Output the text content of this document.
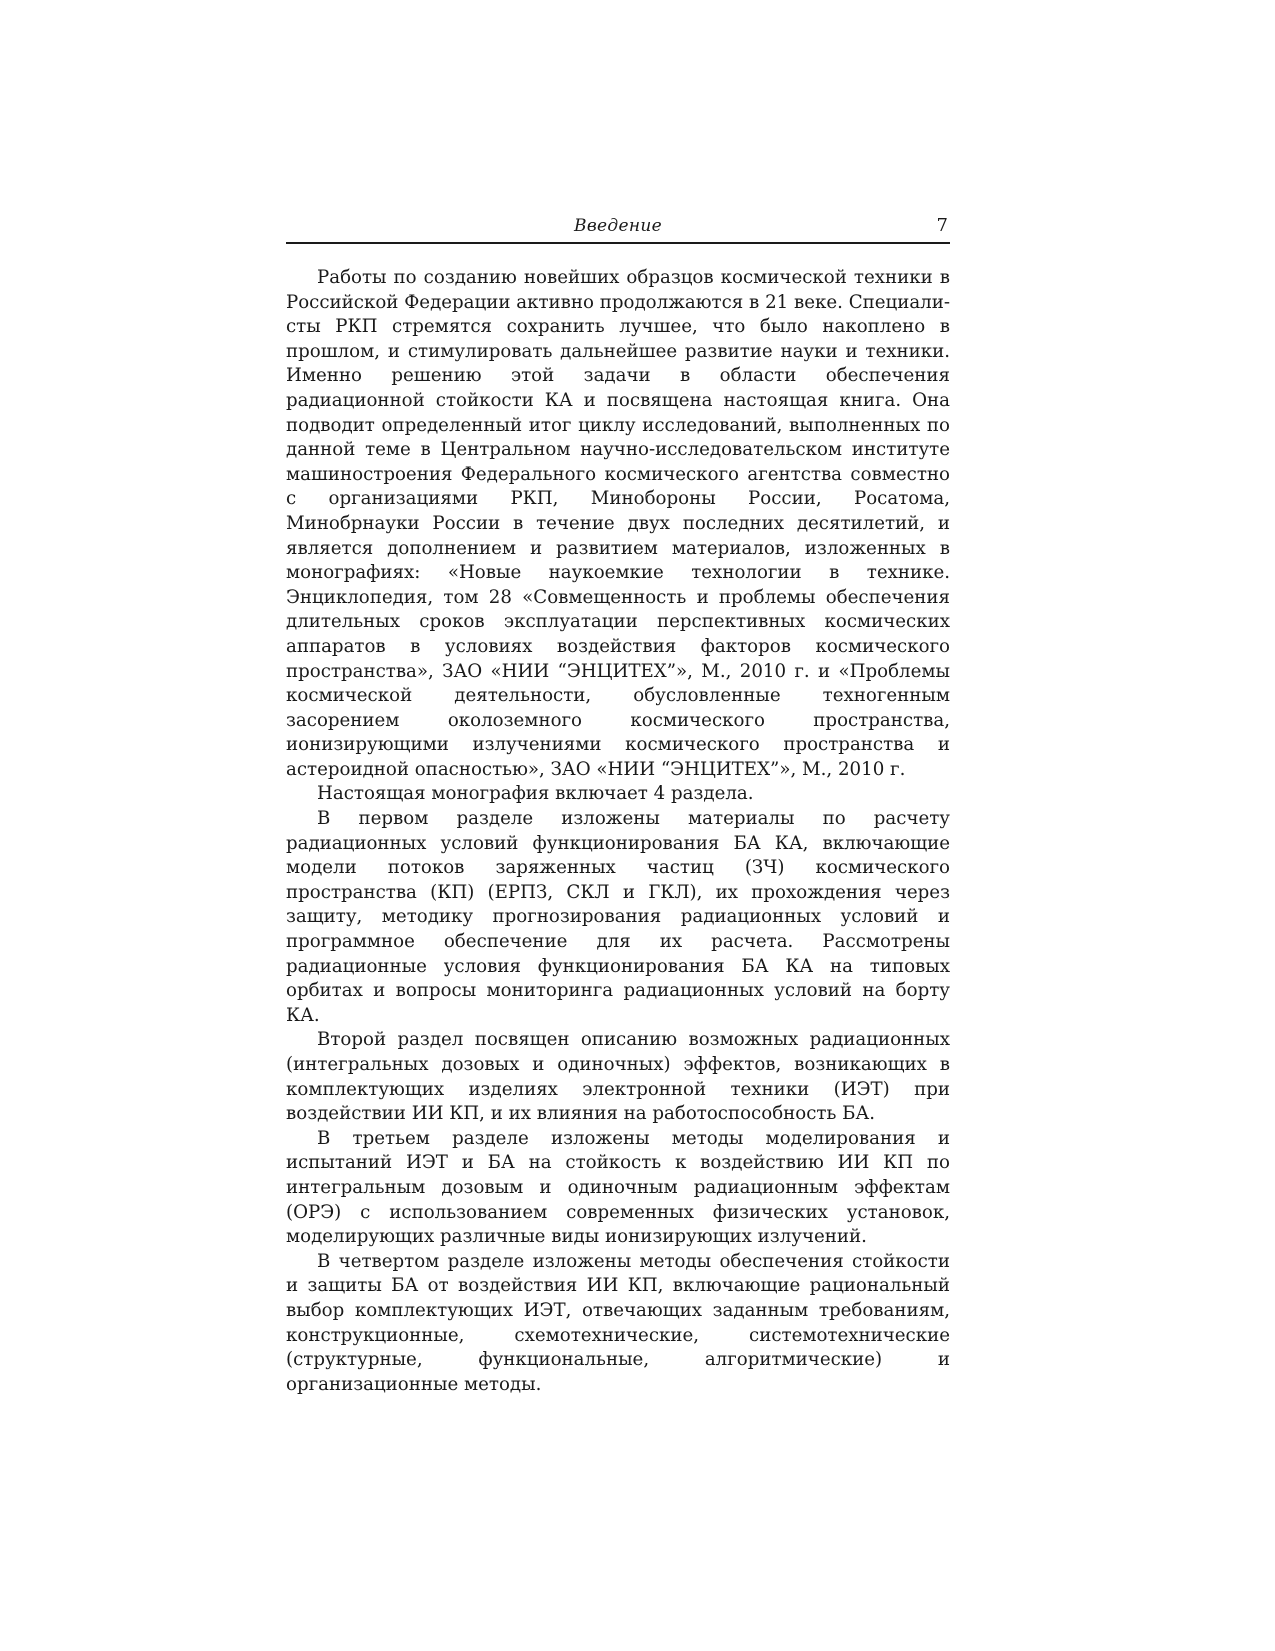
Введение	7

Работы по созданию новейших образцов космической техники в Российской Федерации активно продолжаются в 21 веке. Специалисты РКП стремятся сохранить лучшее, что было накоплено в прошлом, и стимулировать дальнейшее развитие науки и техники. Именно решению этой задачи в области обеспечения радиационной стойкости КА и посвящена настоящая книга. Она подводит определенный итог циклу исследований, выполненных по данной теме в Центральном научно-исследовательском институте машиностроения Федерального космического агентства совместно с организациями РКП, Минобороны России, Росатома, Минобрнауки России в течение двух последних десятилетий, и является дополнением и развитием материалов, изложенных в монографиях: «Новые наукоемкие технологии в технике. Энциклопедия, том 28 «Совмещенность и проблемы обеспечения длительных сроков эксплуатации перспективных космических аппаратов в условиях воздействия факторов космического пространства», ЗАО «НИИ “ЭНЦИТЕХ”», М., 2010 г. и «Проблемы космической деятельности, обусловленные техногенным засорением околоземного космического пространства, ионизирующими излучениями космического пространства и астероидной опасностью», ЗАО «НИИ “ЭНЦИТЕХ”», М., 2010 г.

Настоящая монография включает 4 раздела.

В первом разделе изложены материалы по расчету радиационных условий функционирования БА КА, включающие модели потоков заряженных частиц (ЗЧ) космического пространства (КП) (ЕРПЗ, СКЛ и ГКЛ), их прохождения через защиту, методику прогнозирования радиационных условий и программное обеспечение для их расчета. Рассмотрены радиационные условия функционирования БА КА на типовых орбитах и вопросы мониторинга радиационных условий на борту КА.

Второй раздел посвящен описанию возможных радиационных (интегральных дозовых и одиночных) эффектов, возникающих в комплектующих изделиях электронной техники (ИЭТ) при воздействии ИИ КП, и их влияния на работоспособность БА.

В третьем разделе изложены методы моделирования и испытаний ИЭТ и БА на стойкость к воздействию ИИ КП по интегральным дозовым и одиночным радиационным эффектам (ОРЭ) с использованием современных физических установок, моделирующих различные виды ионизирующих излучений.

В четвертом разделе изложены методы обеспечения стойкости и защиты БА от воздействия ИИ КП, включающие рациональный выбор комплектующих ИЭТ, отвечающих заданным требованиям, конструкционные, схемотехнические, системотехнические (структурные, функциональные, алгоритмические) и организационные методы.
